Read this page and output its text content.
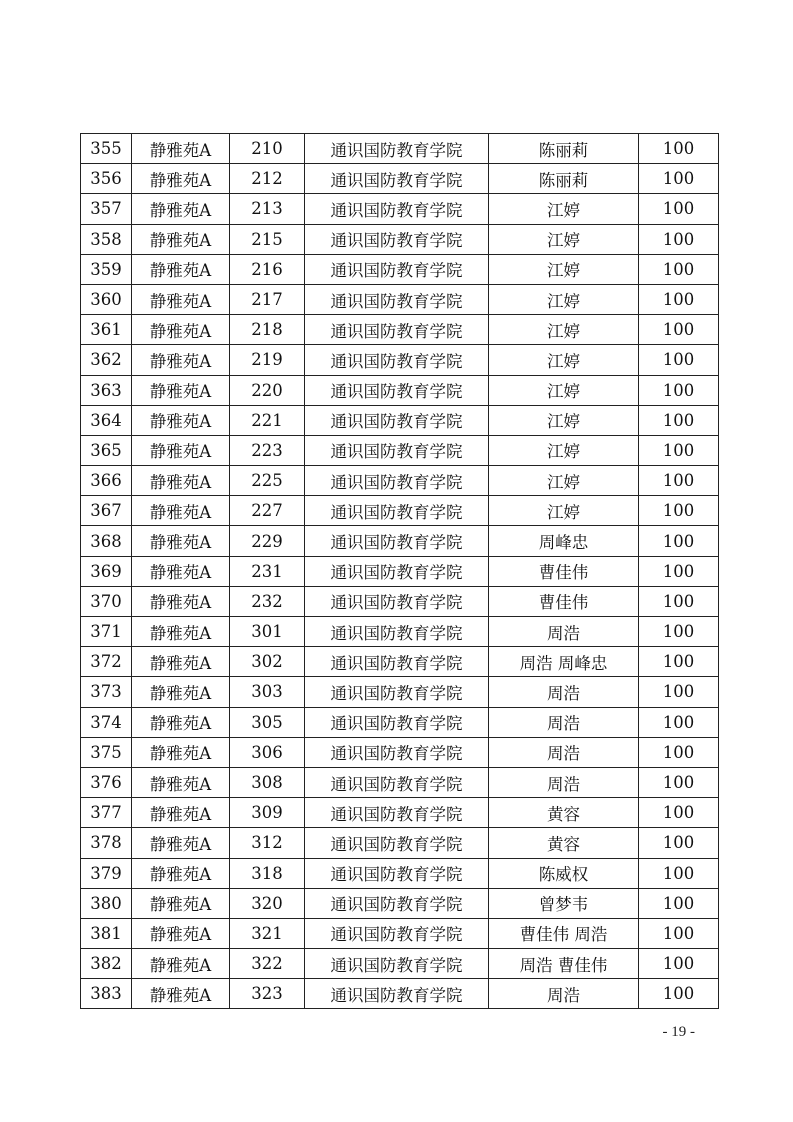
355	静雅苑A	210	通识国防教育学院	陈丽莉	100
356	静雅苑A	212	通识国防教育学院	陈丽莉	100
357	静雅苑A	213	通识国防教育学院	江婷	100
358	静雅苑A	215	通识国防教育学院	江婷	100
359	静雅苑A	216	通识国防教育学院	江婷	100
360	静雅苑A	217	通识国防教育学院	江婷	100
361	静雅苑A	218	通识国防教育学院	江婷	100
362	静雅苑A	219	通识国防教育学院	江婷	100
363	静雅苑A	220	通识国防教育学院	江婷	100
364	静雅苑A	221	通识国防教育学院	江婷	100
365	静雅苑A	223	通识国防教育学院	江婷	100
366	静雅苑A	225	通识国防教育学院	江婷	100
367	静雅苑A	227	通识国防教育学院	江婷	100
368	静雅苑A	229	通识国防教育学院	周峰忠	100
369	静雅苑A	231	通识国防教育学院	曹佳伟	100
370	静雅苑A	232	通识国防教育学院	曹佳伟	100
371	静雅苑A	301	通识国防教育学院	周浩	100
372	静雅苑A	302	通识国防教育学院	周浩 周峰忠	100
373	静雅苑A	303	通识国防教育学院	周浩	100
374	静雅苑A	305	通识国防教育学院	周浩	100
375	静雅苑A	306	通识国防教育学院	周浩	100
376	静雅苑A	308	通识国防教育学院	周浩	100
377	静雅苑A	309	通识国防教育学院	黄容	100
378	静雅苑A	312	通识国防教育学院	黄容	100
379	静雅苑A	318	通识国防教育学院	陈威权	100
380	静雅苑A	320	通识国防教育学院	曾梦韦	100
381	静雅苑A	321	通识国防教育学院	曹佳伟 周浩	100
382	静雅苑A	322	通识国防教育学院	周浩 曹佳伟	100
383	静雅苑A	323	通识国防教育学院	周浩	100
- 19 -
